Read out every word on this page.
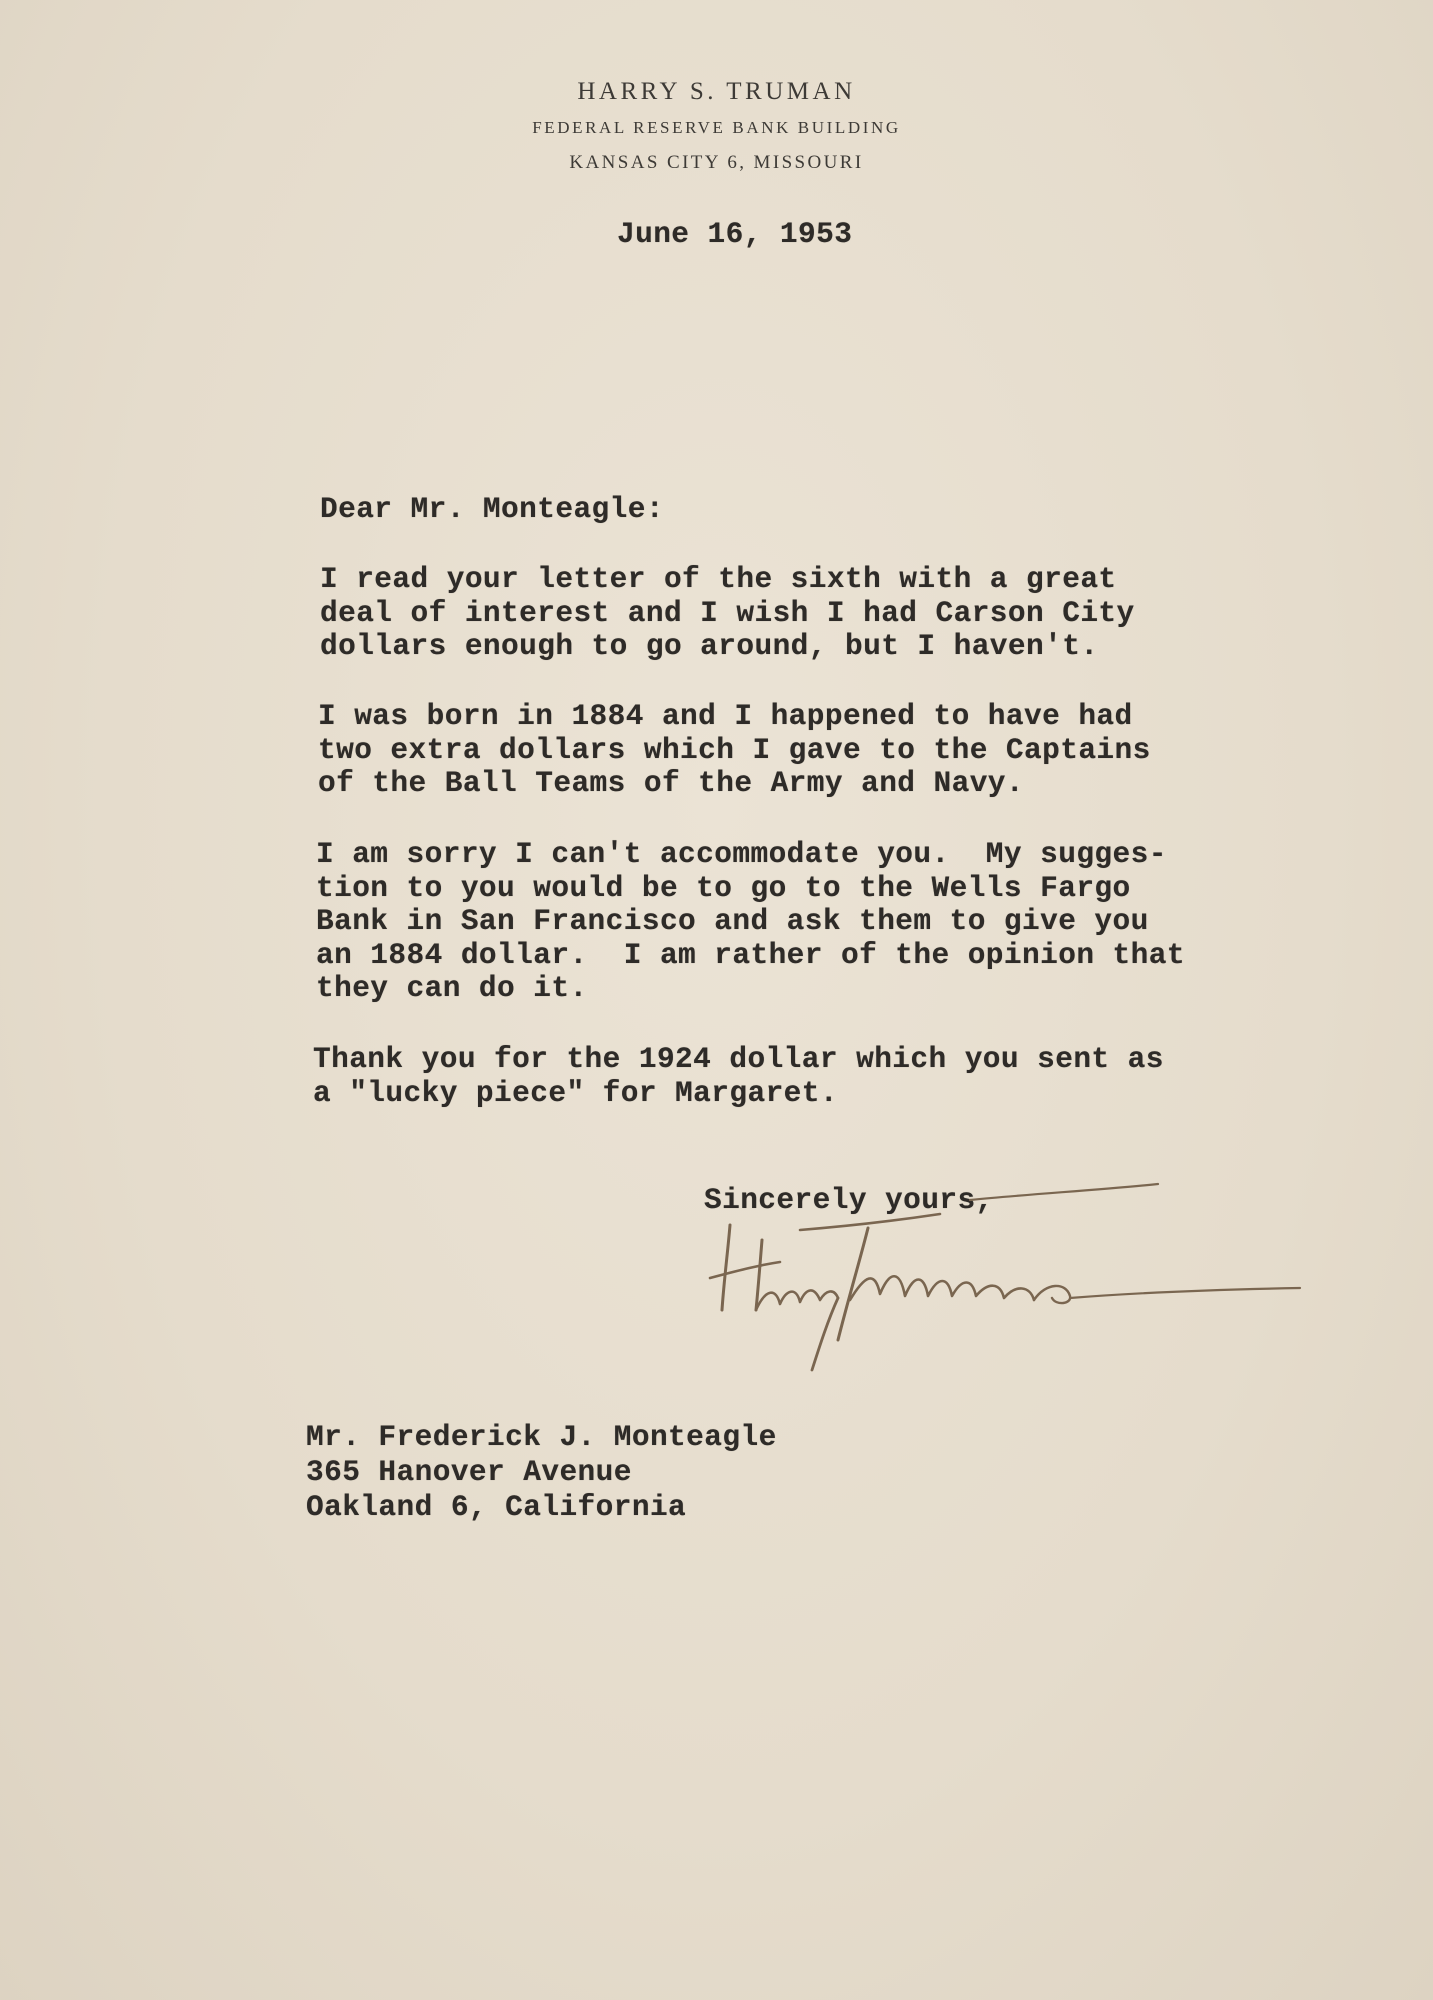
HARRY S. TRUMAN
FEDERAL RESERVE BANK BUILDING
KANSAS CITY 6, MISSOURI
June 16, 1953
Dear Mr. Monteagle:
I read your letter of the sixth with a great
deal of interest and I wish I had Carson City
dollars enough to go around, but I haven't.
I was born in 1884 and I happened to have had
two extra dollars which I gave to the Captains
of the Ball Teams of the Army and Navy.
I am sorry I can't accommodate you.  My sugges-
tion to you would be to go to the Wells Fargo
Bank in San Francisco and ask them to give you
an 1884 dollar.  I am rather of the opinion that
they can do it.
Thank you for the 1924 dollar which you sent as
a "lucky piece" for Margaret.
Sincerely yours,
Mr. Frederick J. Monteagle
365 Hanover Avenue
Oakland 6, California
